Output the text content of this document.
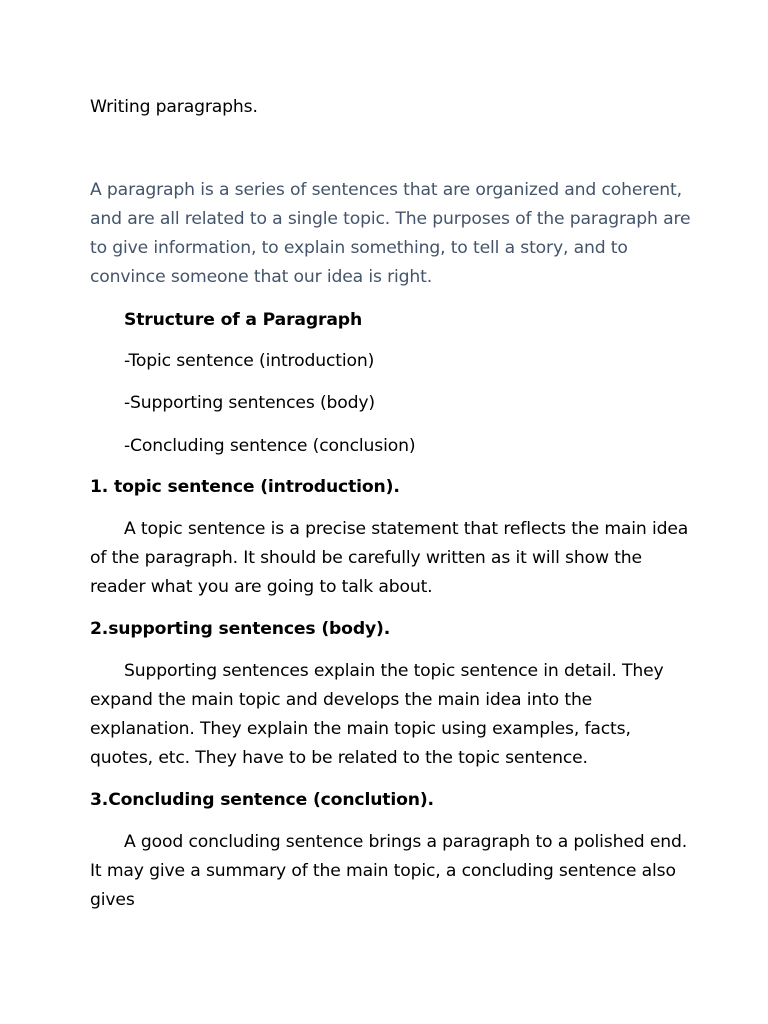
Writing paragraphs.

A paragraph is a series of sentences that are organized and coherent, and are all related to a single topic. The purposes of the paragraph are to give information, to explain something, to tell a story, and to convince someone that our idea is right.

Structure of a Paragraph

-Topic sentence (introduction)

-Supporting sentences (body)

-Concluding sentence (conclusion)

1. topic sentence (introduction).

A topic sentence is a precise statement that reflects the main idea of the paragraph. It should be carefully written as it will show the reader what you are going to talk about.

2.supporting sentences (body).

Supporting sentences explain the topic sentence in detail. They expand the main topic and develops the main idea into the explanation. They explain the main topic using examples, facts, quotes, etc. They have to be related to the topic sentence.

3.Concluding sentence (conclution).

A good concluding sentence brings a paragraph to a polished end. It may give a summary of the main topic, a concluding sentence also gives
